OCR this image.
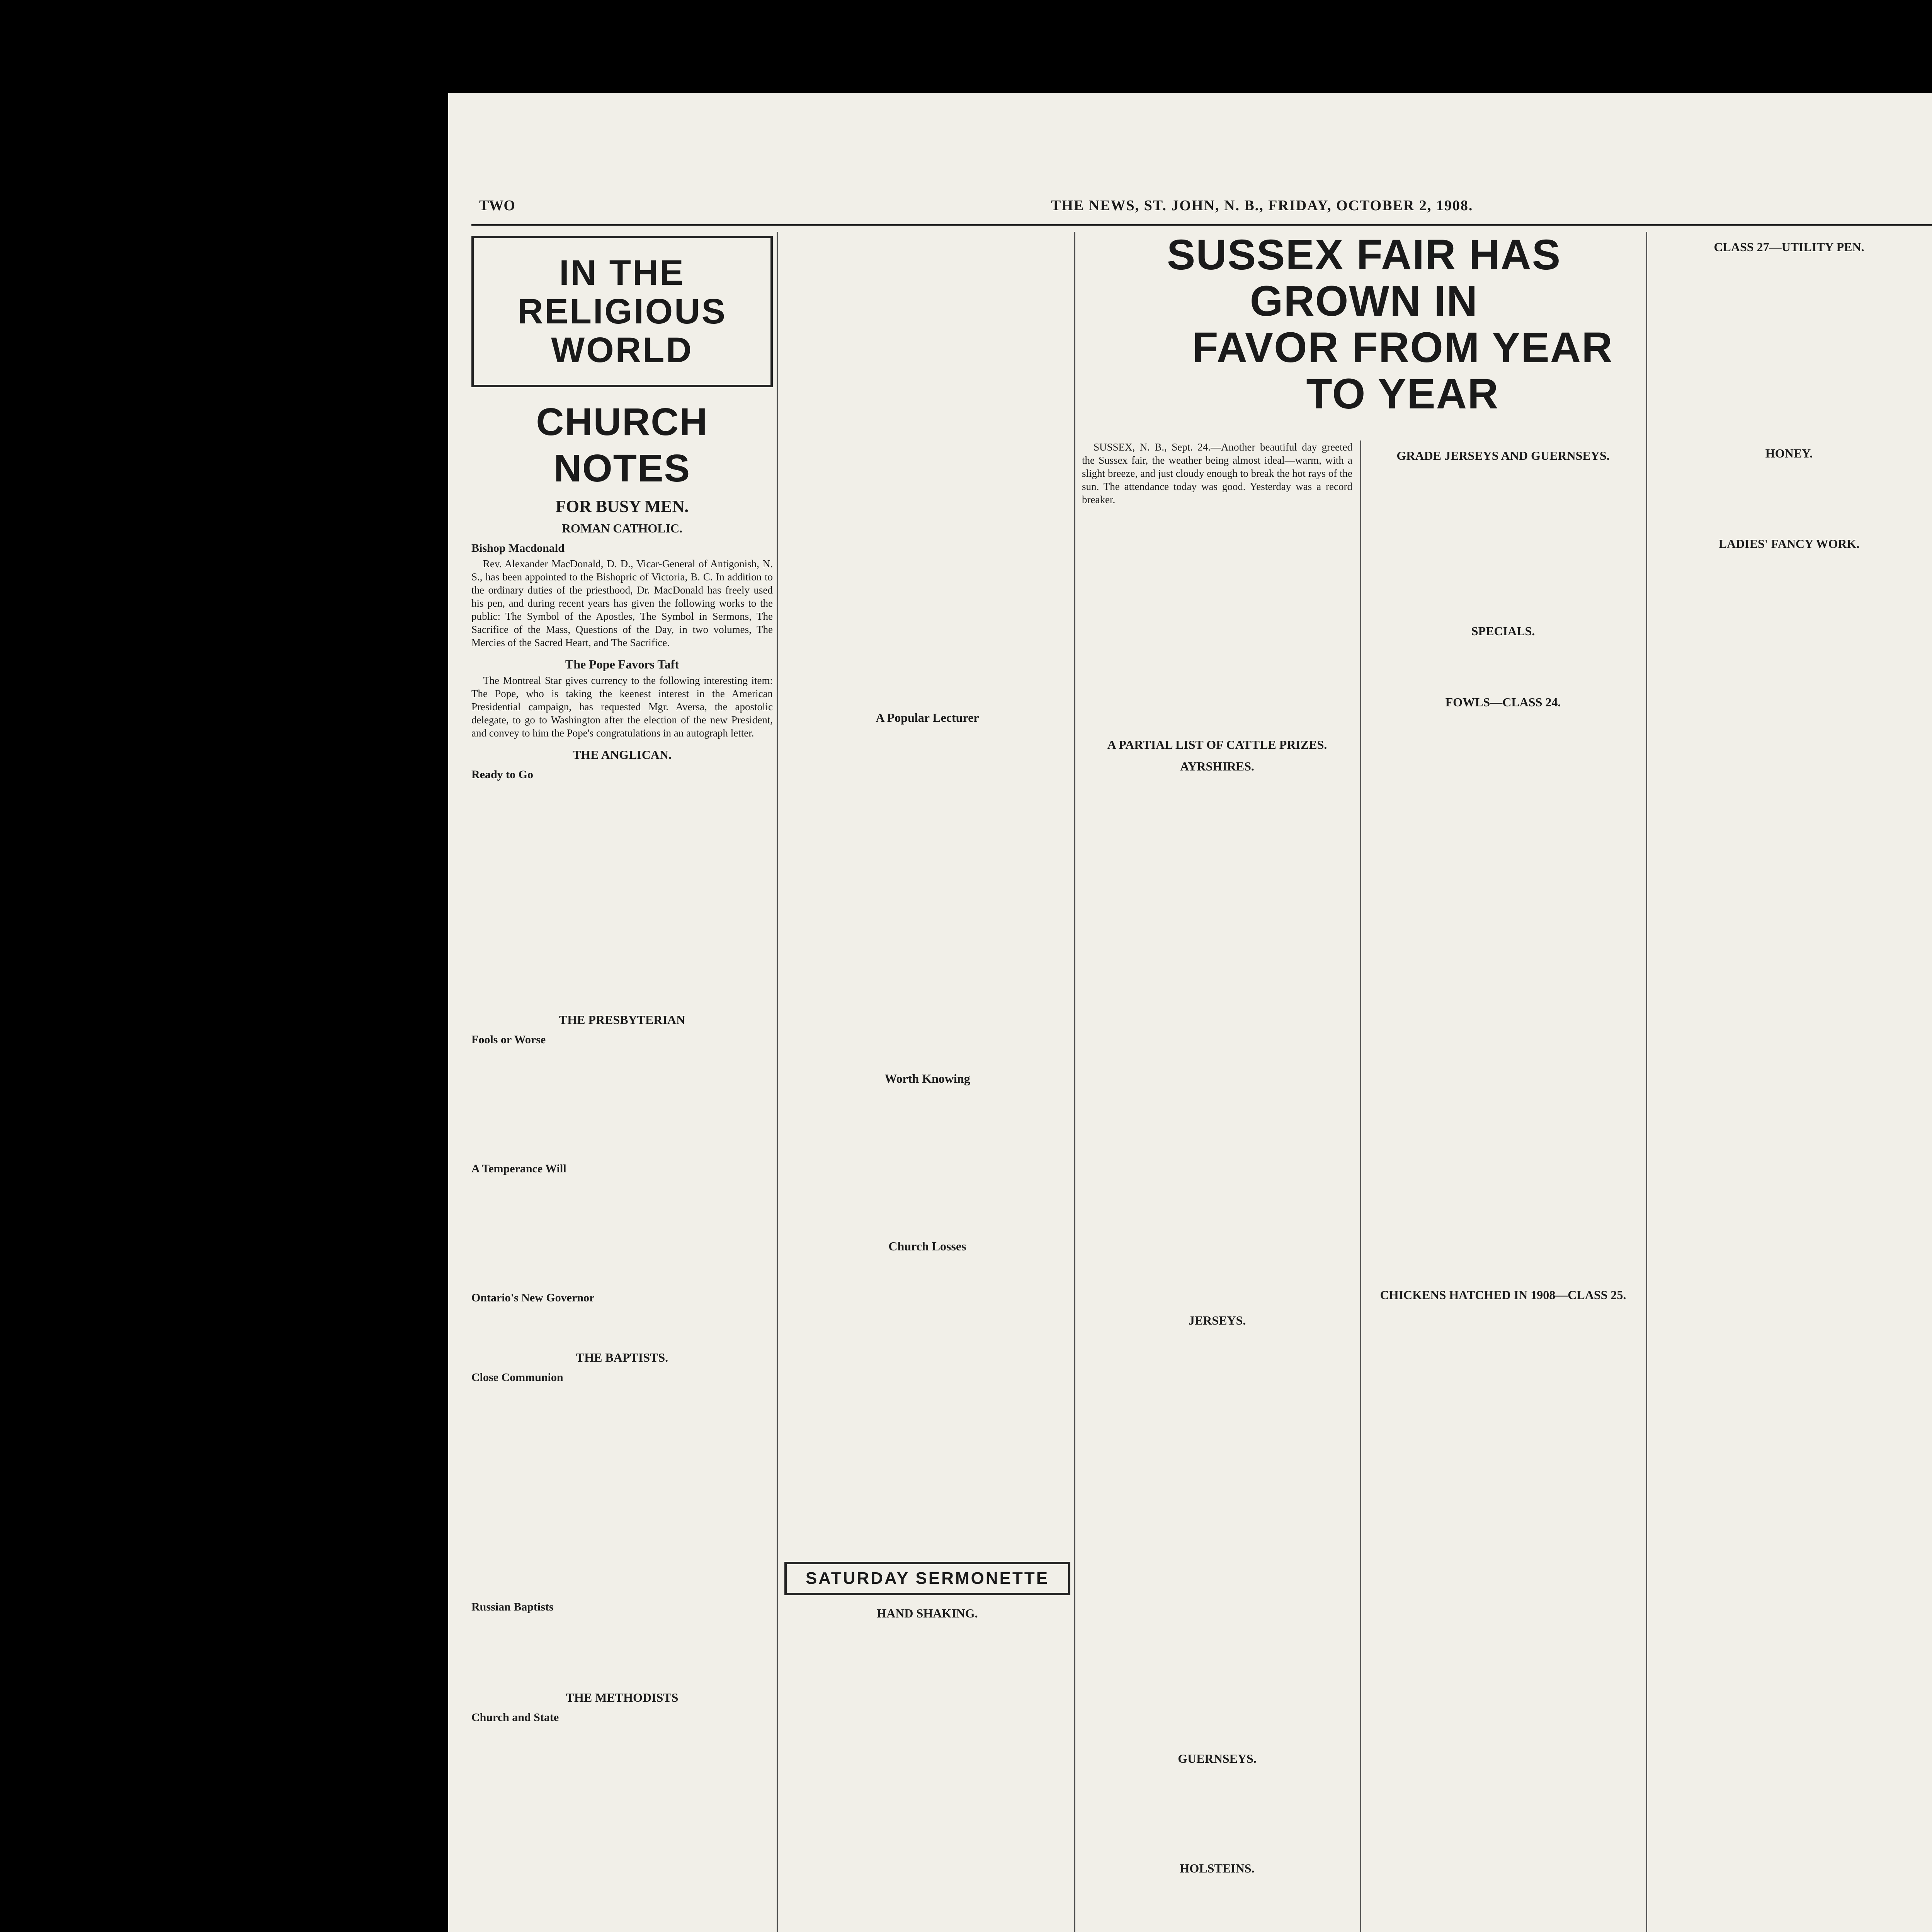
TWO	THE NEWS, ST. JOHN, N. B., FRIDAY, OCTOBER 2, 1908.
IN THE RELIGIOUS WORLD
CHURCH NOTES
FOR BUSY MEN.
ROMAN CATHOLIC.
Bishop Macdonald

Rev. Alexander MacDonald, D. D., Vicar-General of Antigonish, N. S., has been appointed to the Bishopric of Victoria, B. C. In addition to the ordinary duties of the priesthood, Dr. MacDonald has freely used his pen, and during recent years has given the following works to the public: The Symbol of the Apostles, The Symbol in Sermons, The Sacrifice of the Mass, Questions of the Day, in two volumes, The Mercies of the Sacred Heart, and The Sacrifice.

The Pope Favors Taft

The Montreal Star gives currency to the following interesting item: The Pope, who is taking the keenest interest in the American Presidential campaign, has requested Mgr. Aversa, the apostolic delegate, to go to Washington after the election of the new President, and convey to him the Pope's congratulations in an autograph letter.

THE ANGLICAN.
Ready to Go
THE PRESBYTERIAN
Fools or Worse
A Temperance Will
Ontario's New Governor
THE BAPTISTS.
Close Communion
Russian Baptists
THE METHODISTS
Church and State
A Popular Lecturer
Worth Knowing
Church Losses
SATURDAY SERMONETTE
HAND SHAKING.
SUSSEX FAIR HAS GROWN IN
FAVOR FROM YEAR TO YEAR

SUSSEX, N. B., Sept. 24.—Another beautiful day greeted the Sussex fair, the weather being almost ideal—warm, with a slight breeze, and just cloudy enough to break the hot rays of the sun. The attendance today was good. Yesterday was a record breaker.

A PARTIAL LIST OF CATTLE PRIZES.
AYRSHIRES.
JERSEYS.
GUERNSEYS.
HOLSTEINS.
GRADE JERSEYS AND GUERNSEYS.
SPECIALS.
FOWLS—CLASS 24.
CHICKENS HATCHED IN 1908—CLASS 25.
CLASS 27—UTILITY PEN.
HONEY.
LADIES' FANCY WORK.
